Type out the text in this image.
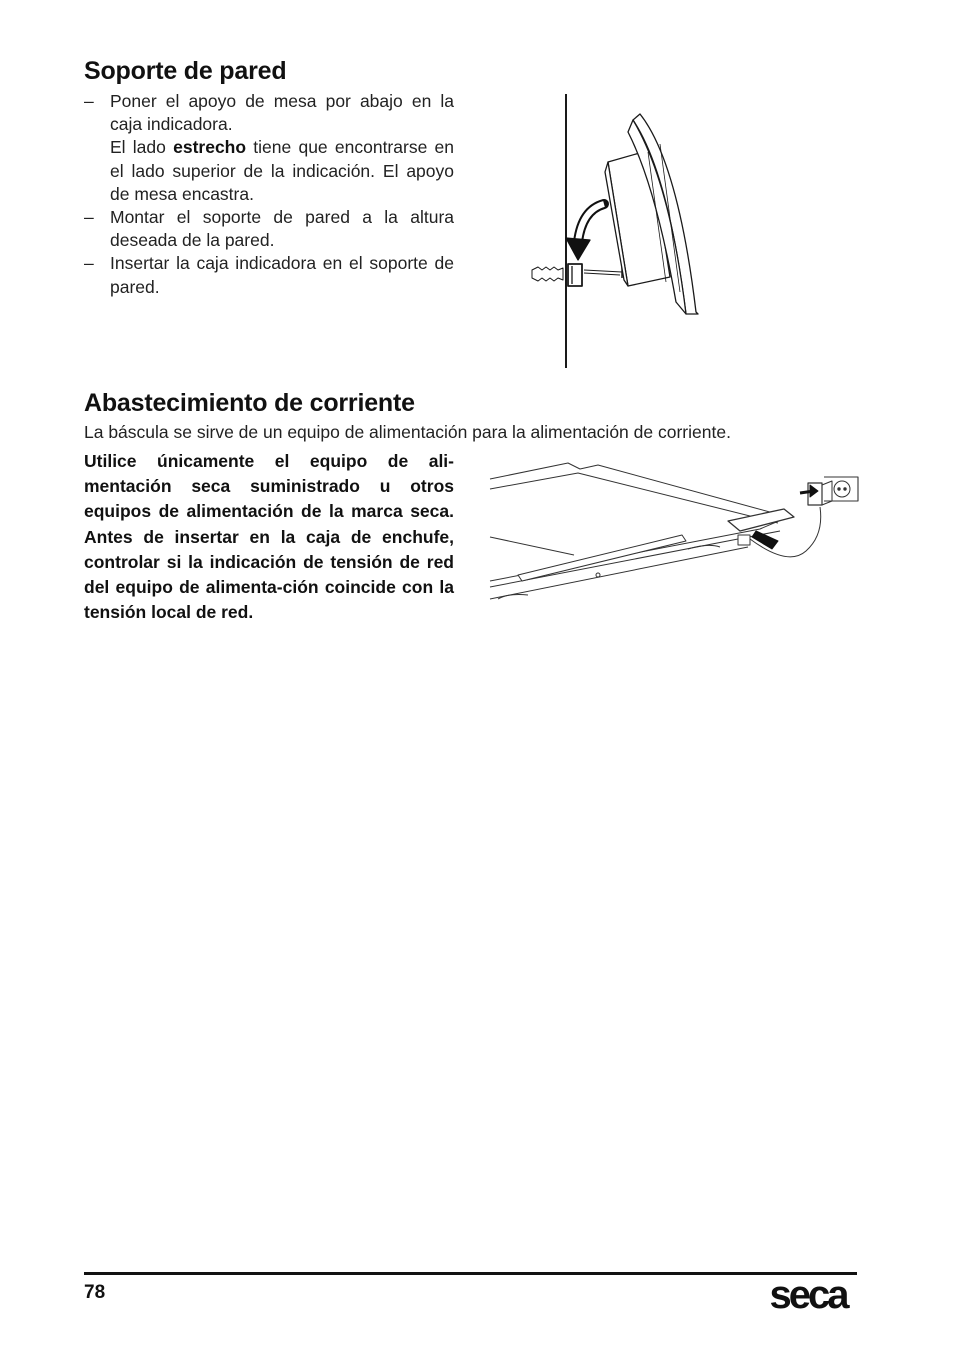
Soporte de pared
– Poner el apoyo de mesa por abajo en la caja indicadora.
El lado estrecho tiene que encontrarse en el lado superior de la indicación. El apoyo de mesa encastra.
– Montar el soporte de pared a la altura deseada de la pared.
– Insertar la caja indicadora en el soporte de pared.
Abastecimiento de corriente
La báscula se sirve de un equipo de alimentación para la alimentación de corriente.
Utilice únicamente el equipo de ali-mentación seca suministrado u otros equipos de alimentación de la marca seca. Antes de insertar en la caja de enchufe, controlar si la indicación de tensión de red del equipo de alimenta-ción coincide con la tensión local de red.
78	seca
